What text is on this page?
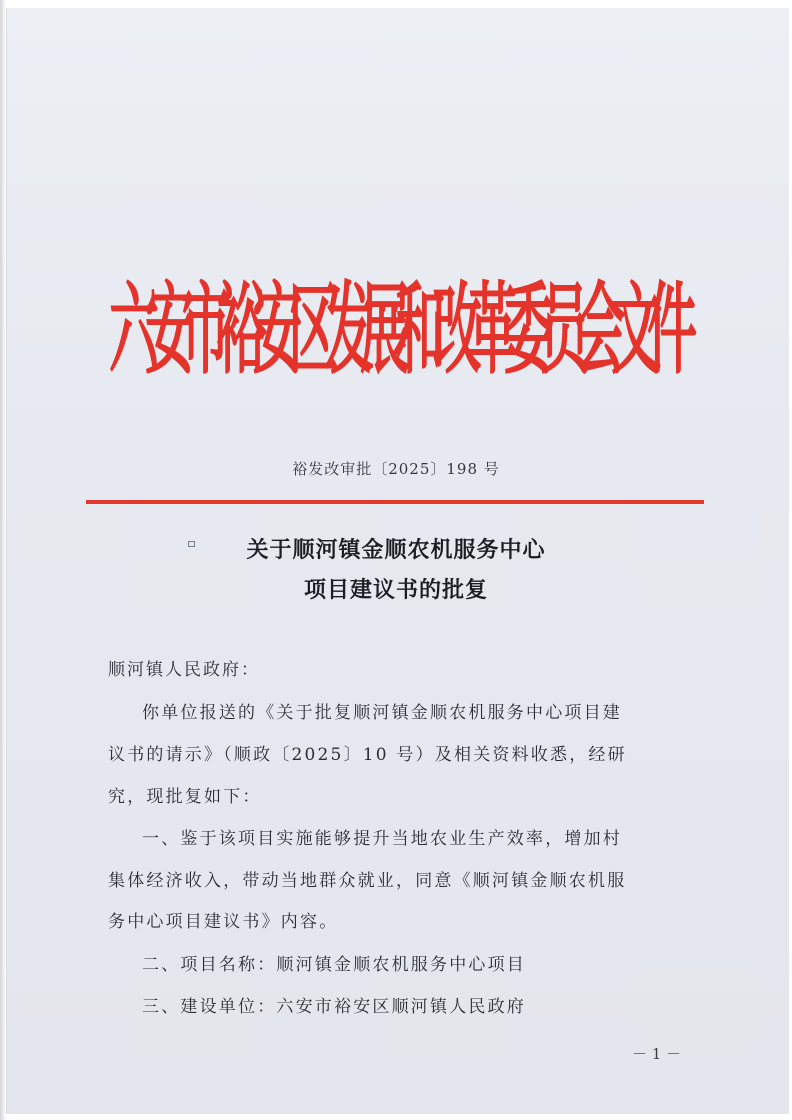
六安市裕安区发展和改革委员会文件
裕发改审批〔2025〕198 号
关于顺河镇金顺农机服务中心
项目建议书的批复
顺河镇人民政府：
你单位报送的《关于批复顺河镇金顺农机服务中心项目建
议书的请示》（顺政〔2025〕10 号）及相关资料收悉，经研
究，现批复如下：
一、鉴于该项目实施能够提升当地农业生产效率，增加村
集体经济收入，带动当地群众就业，同意《顺河镇金顺农机服
务中心项目建议书》内容。
二、项目名称：顺河镇金顺农机服务中心项目
三、建设单位：六安市裕安区顺河镇人民政府
－ 1 －
